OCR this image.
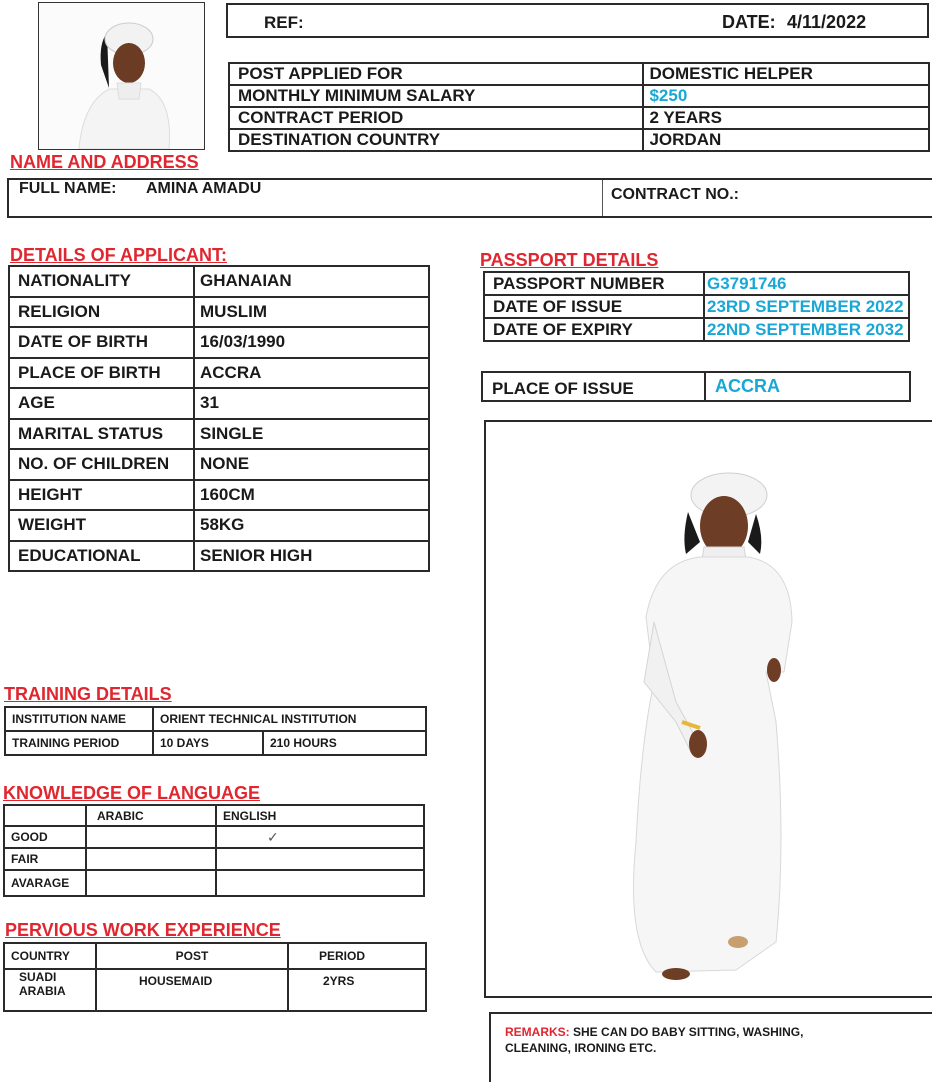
REF:	DATE: 4/11/2022
POST APPLIED FOR	DOMESTIC HELPER
MONTHLY MINIMUM SALARY	$250
CONTRACT PERIOD	2 YEARS
DESTINATION COUNTRY	JORDAN
NAME AND ADDRESS
FULL NAME: AMINA AMADU	CONTRACT NO.:
DETAILS OF APPLICANT:
NATIONALITY	GHANAIAN
RELIGION	MUSLIM
DATE OF BIRTH	16/03/1990
PLACE OF BIRTH	ACCRA
AGE	31
MARITAL STATUS	SINGLE
NO. OF CHILDREN	NONE
HEIGHT	160CM
WEIGHT	58KG
EDUCATIONAL	SENIOR HIGH
PASSPORT DETAILS
PASSPORT NUMBER	G3791746
DATE OF ISSUE	23RD SEPTEMBER 2022
DATE OF EXPIRY	22ND SEPTEMBER 2032
PLACE OF ISSUE	ACCRA
TRAINING DETAILS
INSTITUTION NAME	ORIENT TECHNICAL INSTITUTION	
TRAINING PERIOD	10 DAYS	210 HOURS
KNOWLEDGE OF LANGUAGE
	ARABIC	ENGLISH
GOOD		✓
FAIR		
AVARAGE		
PERVIOUS WORK EXPERIENCE
COUNTRY	POST	PERIOD

SUADI
ARABIA	HOUSEMAID	2YRS
REMARKS: SHE CAN DO BABY SITTING, WASHING,
CLEANING, IRONING ETC.
